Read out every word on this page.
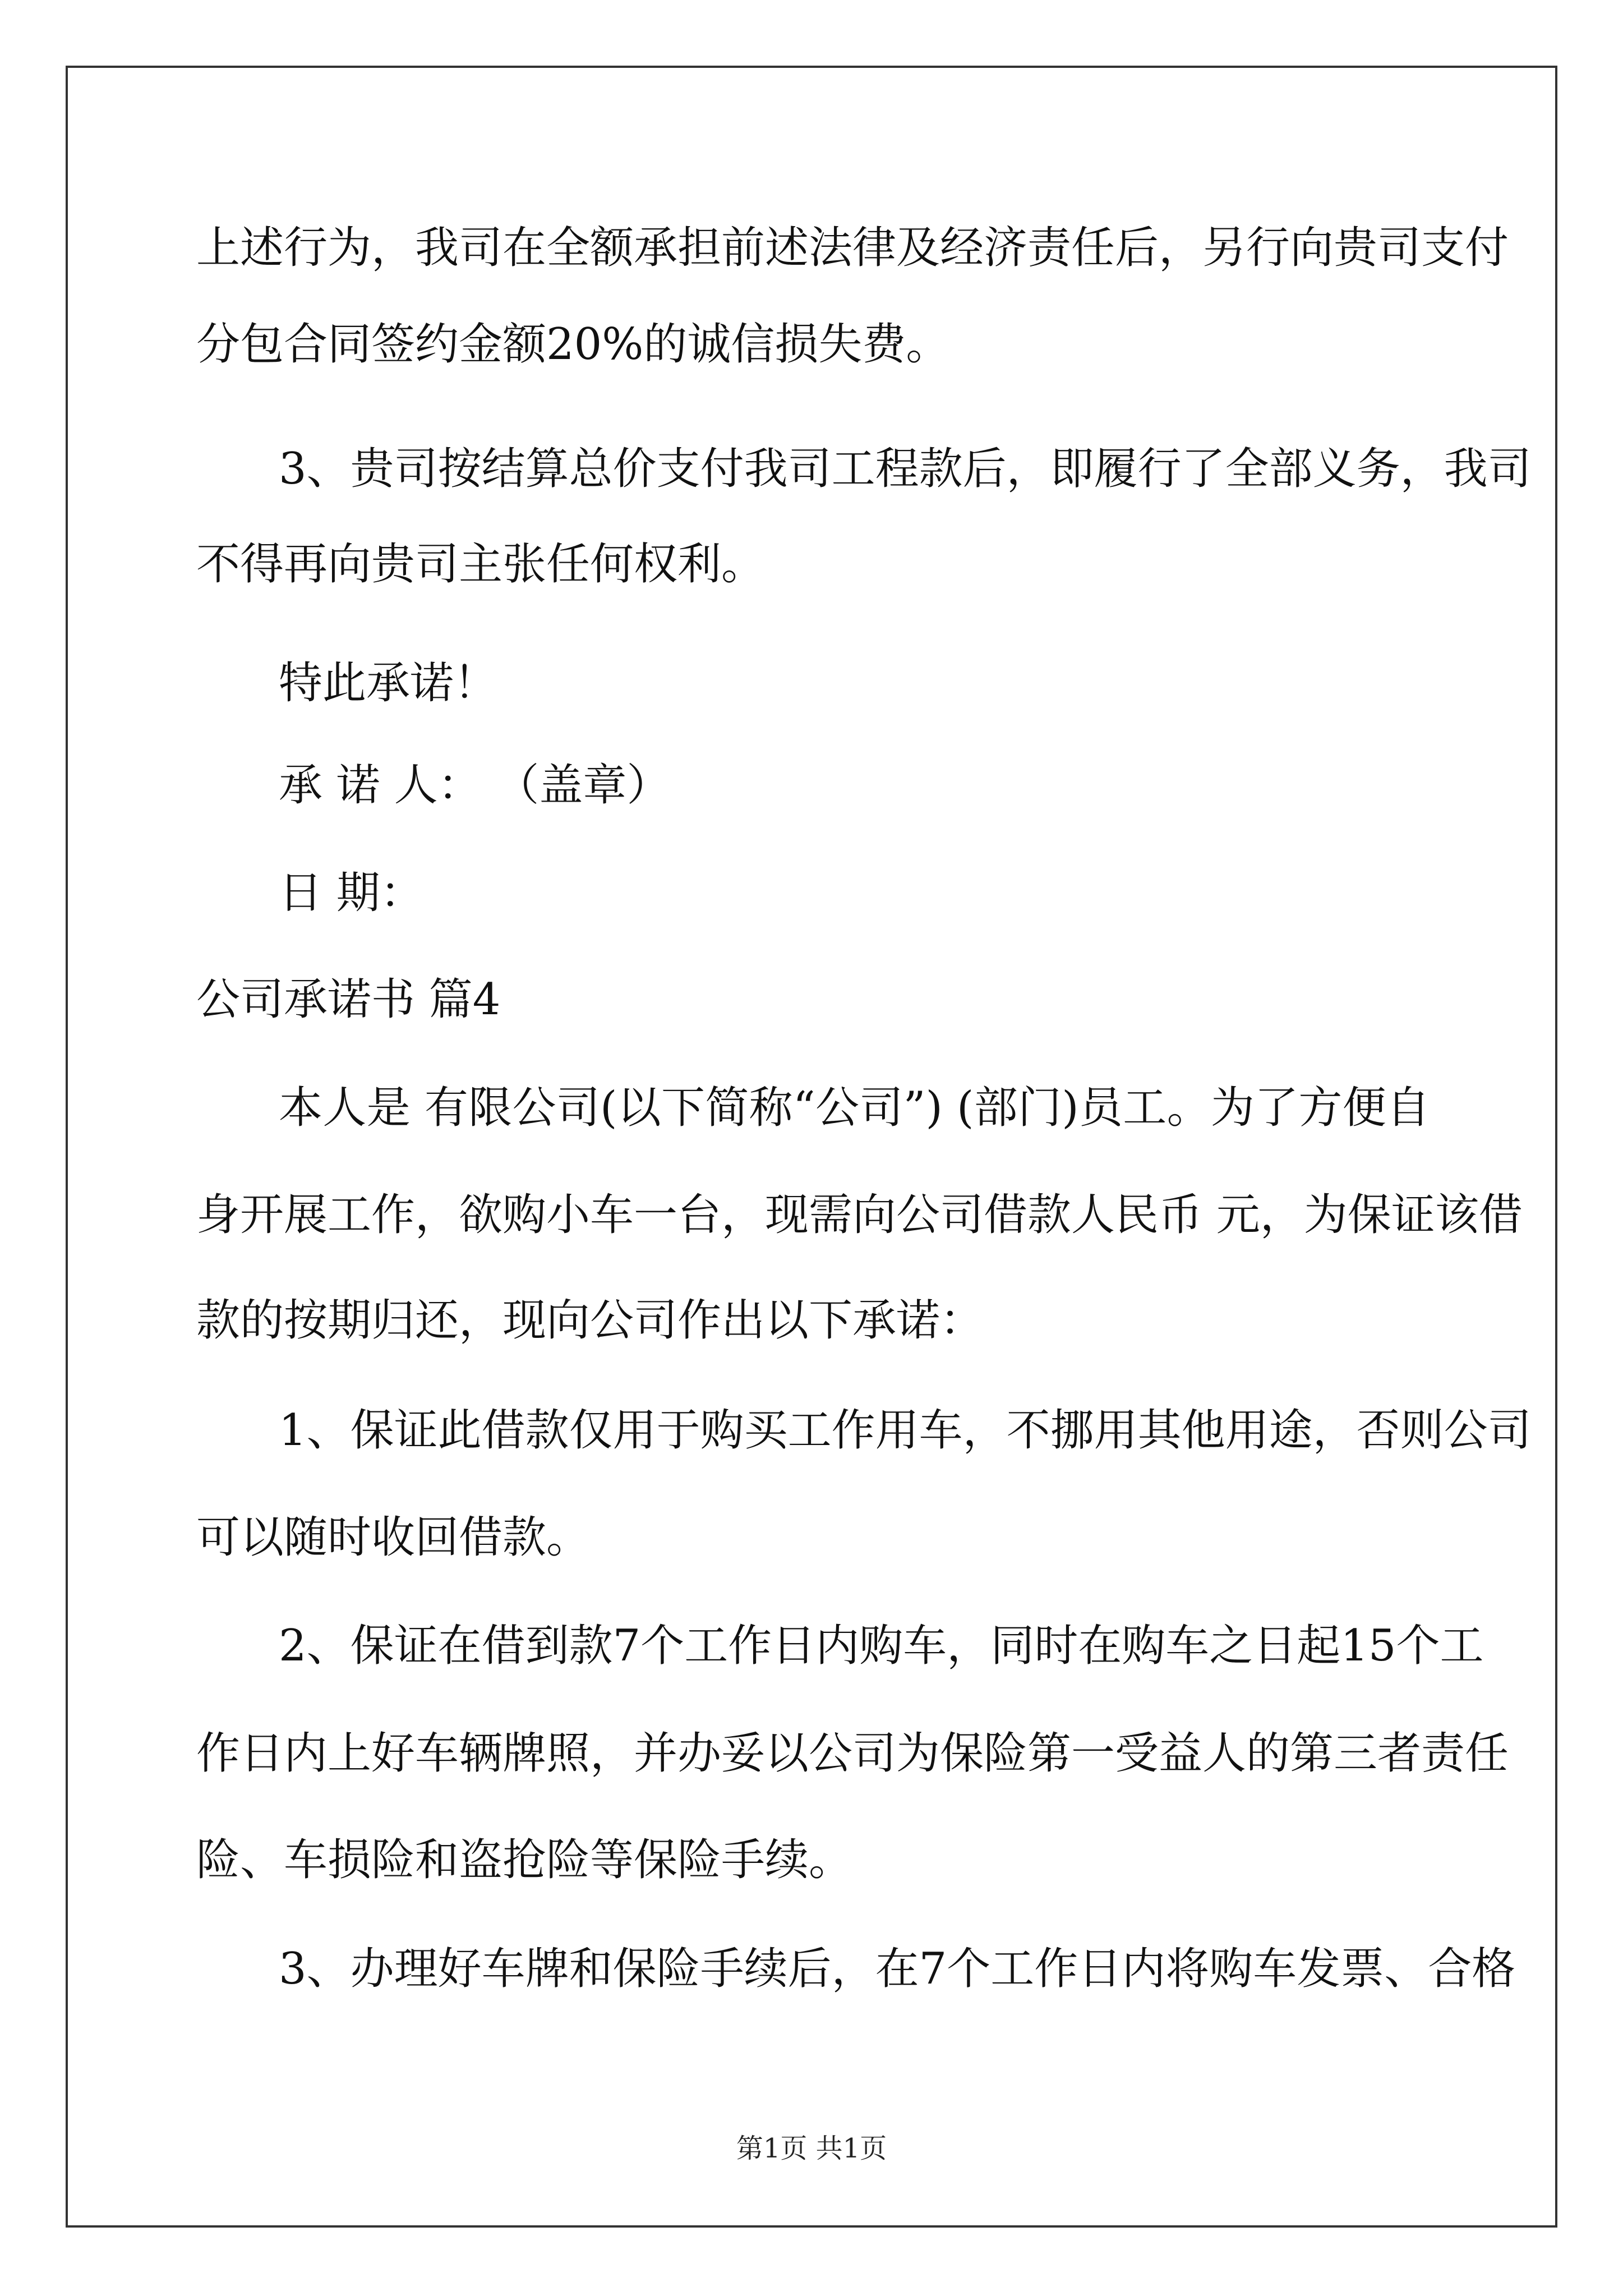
上述行为，我司在全额承担前述法律及经济责任后，另行向贵司支付
分包合同签约金额20%的诚信损失费。
3、贵司按结算总价支付我司工程款后，即履行了全部义务，我司
不得再向贵司主张任何权利。
特此承诺！
承 诺 人： （盖章）
日 期：
公司承诺书 篇4
本人是 有限公司(以下简称“公司”) (部门)员工。为了方便自
身开展工作，欲购小车一台，现需向公司借款人民币 元，为保证该借
款的按期归还，现向公司作出以下承诺：
1、保证此借款仅用于购买工作用车，不挪用其他用途，否则公司
可以随时收回借款。
2、保证在借到款7个工作日内购车，同时在购车之日起15个工
作日内上好车辆牌照，并办妥以公司为保险第一受益人的第三者责任
险、车损险和盗抢险等保险手续。
3、办理好车牌和保险手续后，在7个工作日内将购车发票、合格
第1页 共1页
